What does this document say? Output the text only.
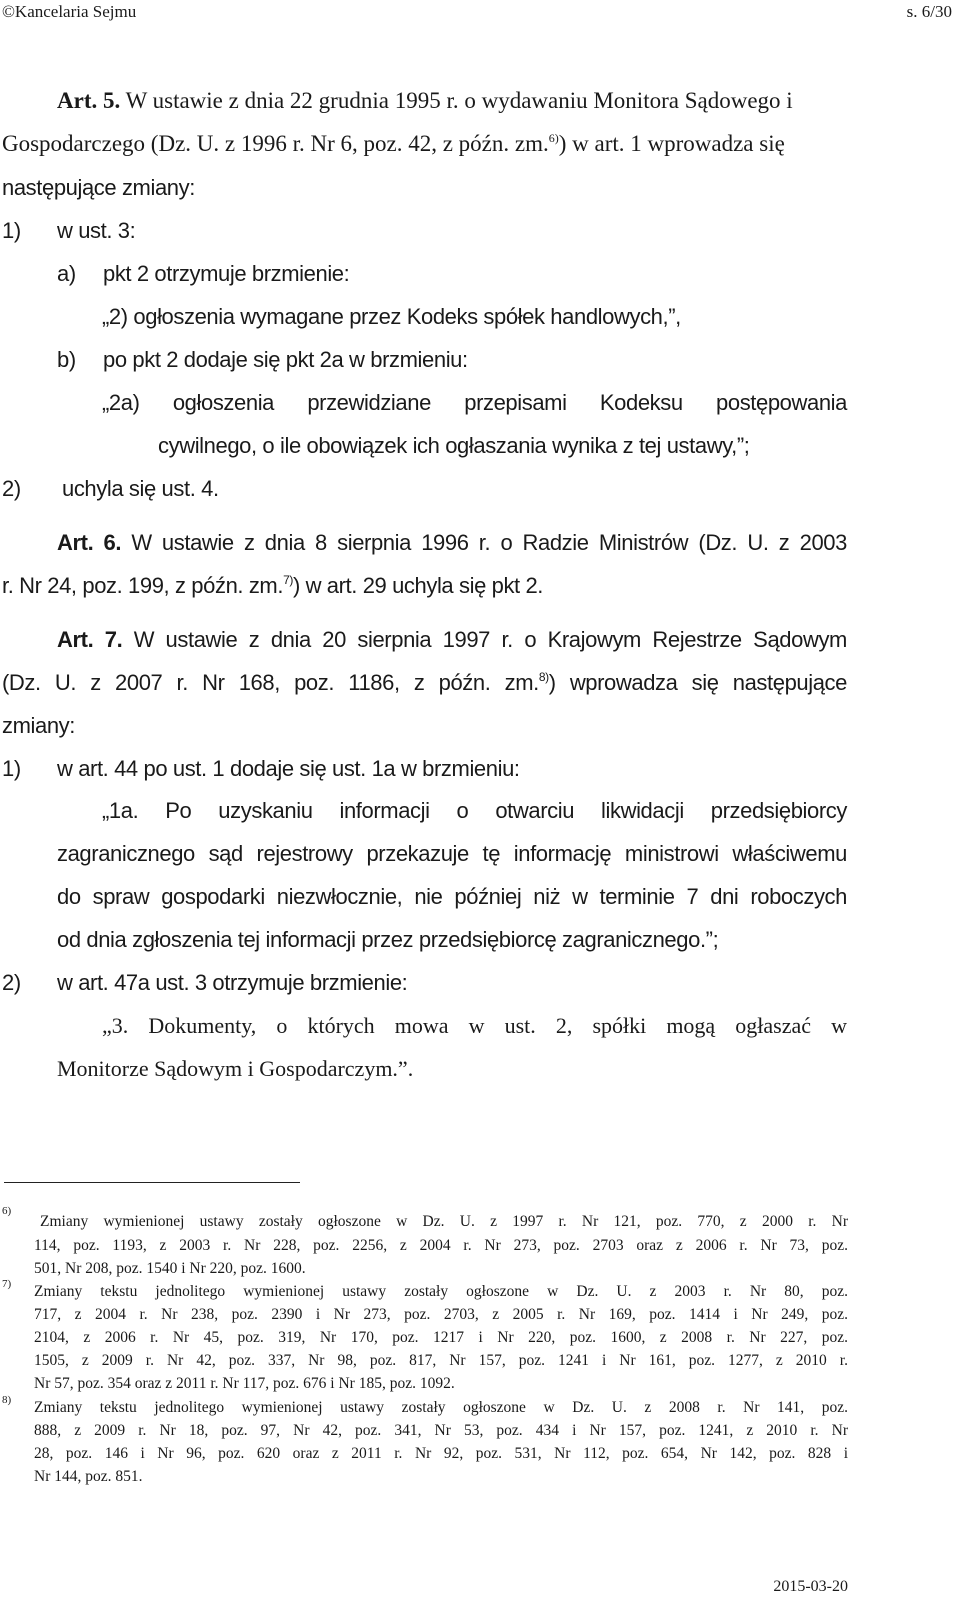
©Kancelaria Sejmu	s. 6/30
Art. 5. W ustawie z dnia 22 grudnia 1995 r. o wydawaniu Monitora Sądowego i
Gospodarczego (Dz. U. z 1996 r. Nr 6, poz. 42, z późn. zm.$^{6)}$) w art. 1 wprowadza się
następujące zmiany:
1) w ust. 3:
a) pkt 2 otrzymuje brzmienie:
„2) ogłoszenia wymagane przez Kodeks spółek handlowych,”,
b) po pkt 2 dodaje się pkt 2a w brzmieniu:
„2a) ogłoszenia przewidziane przepisami Kodeksu postępowania
cywilnego, o ile obowiązek ich ogłaszania wynika z tej ustawy,”;
2) uchyla się ust. 4.
Art. 6. W ustawie z dnia 8 sierpnia 1996 r. o Radzie Ministrów (Dz. U. z 2003
r. Nr 24, poz. 199, z późn. zm.$^{7)}$) w art. 29 uchyla się pkt 2.
Art. 7. W ustawie z dnia 20 sierpnia 1997 r. o Krajowym Rejestrze Sądowym
(Dz. U. z 2007 r. Nr 168, poz. 1186, z późn. zm.$^{8)}$) wprowadza się następujące
zmiany:
1) w art. 44 po ust. 1 dodaje się ust. 1a w brzmieniu:
„1a. Po uzyskaniu informacji o otwarciu likwidacji przedsiębiorcy
zagranicznego sąd rejestrowy przekazuje tę informację ministrowi właściwemu
do spraw gospodarki niezwłocznie, nie później niż w terminie 7 dni roboczych
od dnia zgłoszenia tej informacji przez przedsiębiorcę zagranicznego.”;
2) w art. 47a ust. 3 otrzymuje brzmienie:
„3. Dokumenty, o których mowa w ust. 2, spółki mogą ogłaszać w
Monitorze Sądowym i Gospodarczym.”.
6)
Zmiany wymienionej ustawy zostały ogłoszone w Dz. U. z 1997 r. Nr 121, poz. 770, z 2000 r. Nr
114, poz. 1193, z 2003 r. Nr 228, poz. 2256, z 2004 r. Nr 273, poz. 2703 oraz z 2006 r. Nr 73, poz.
501, Nr 208, poz. 1540 i Nr 220, poz. 1600.
7) Zmiany tekstu jednolitego wymienionej ustawy zostały ogłoszone w Dz. U. z 2003 r. Nr 80, poz.
717, z 2004 r. Nr 238, poz. 2390 i Nr 273, poz. 2703, z 2005 r. Nr 169, poz. 1414 i Nr 249, poz.
2104, z 2006 r. Nr 45, poz. 319, Nr 170, poz. 1217 i Nr 220, poz. 1600, z 2008 r. Nr 227, poz.
1505, z 2009 r. Nr 42, poz. 337, Nr 98, poz. 817, Nr 157, poz. 1241 i Nr 161, poz. 1277, z 2010 r.
Nr 57, poz. 354 oraz z 2011 r. Nr 117, poz. 676 i Nr 185, poz. 1092.
8) Zmiany tekstu jednolitego wymienionej ustawy zostały ogłoszone w Dz. U. z 2008 r. Nr 141, poz.
888, z 2009 r. Nr 18, poz. 97, Nr 42, poz. 341, Nr 53, poz. 434 i Nr 157, poz. 1241, z 2010 r. Nr
28, poz. 146 i Nr 96, poz. 620 oraz z 2011 r. Nr 92, poz. 531, Nr 112, poz. 654, Nr 142, poz. 828 i
Nr 144, poz. 851.
2015-03-20
